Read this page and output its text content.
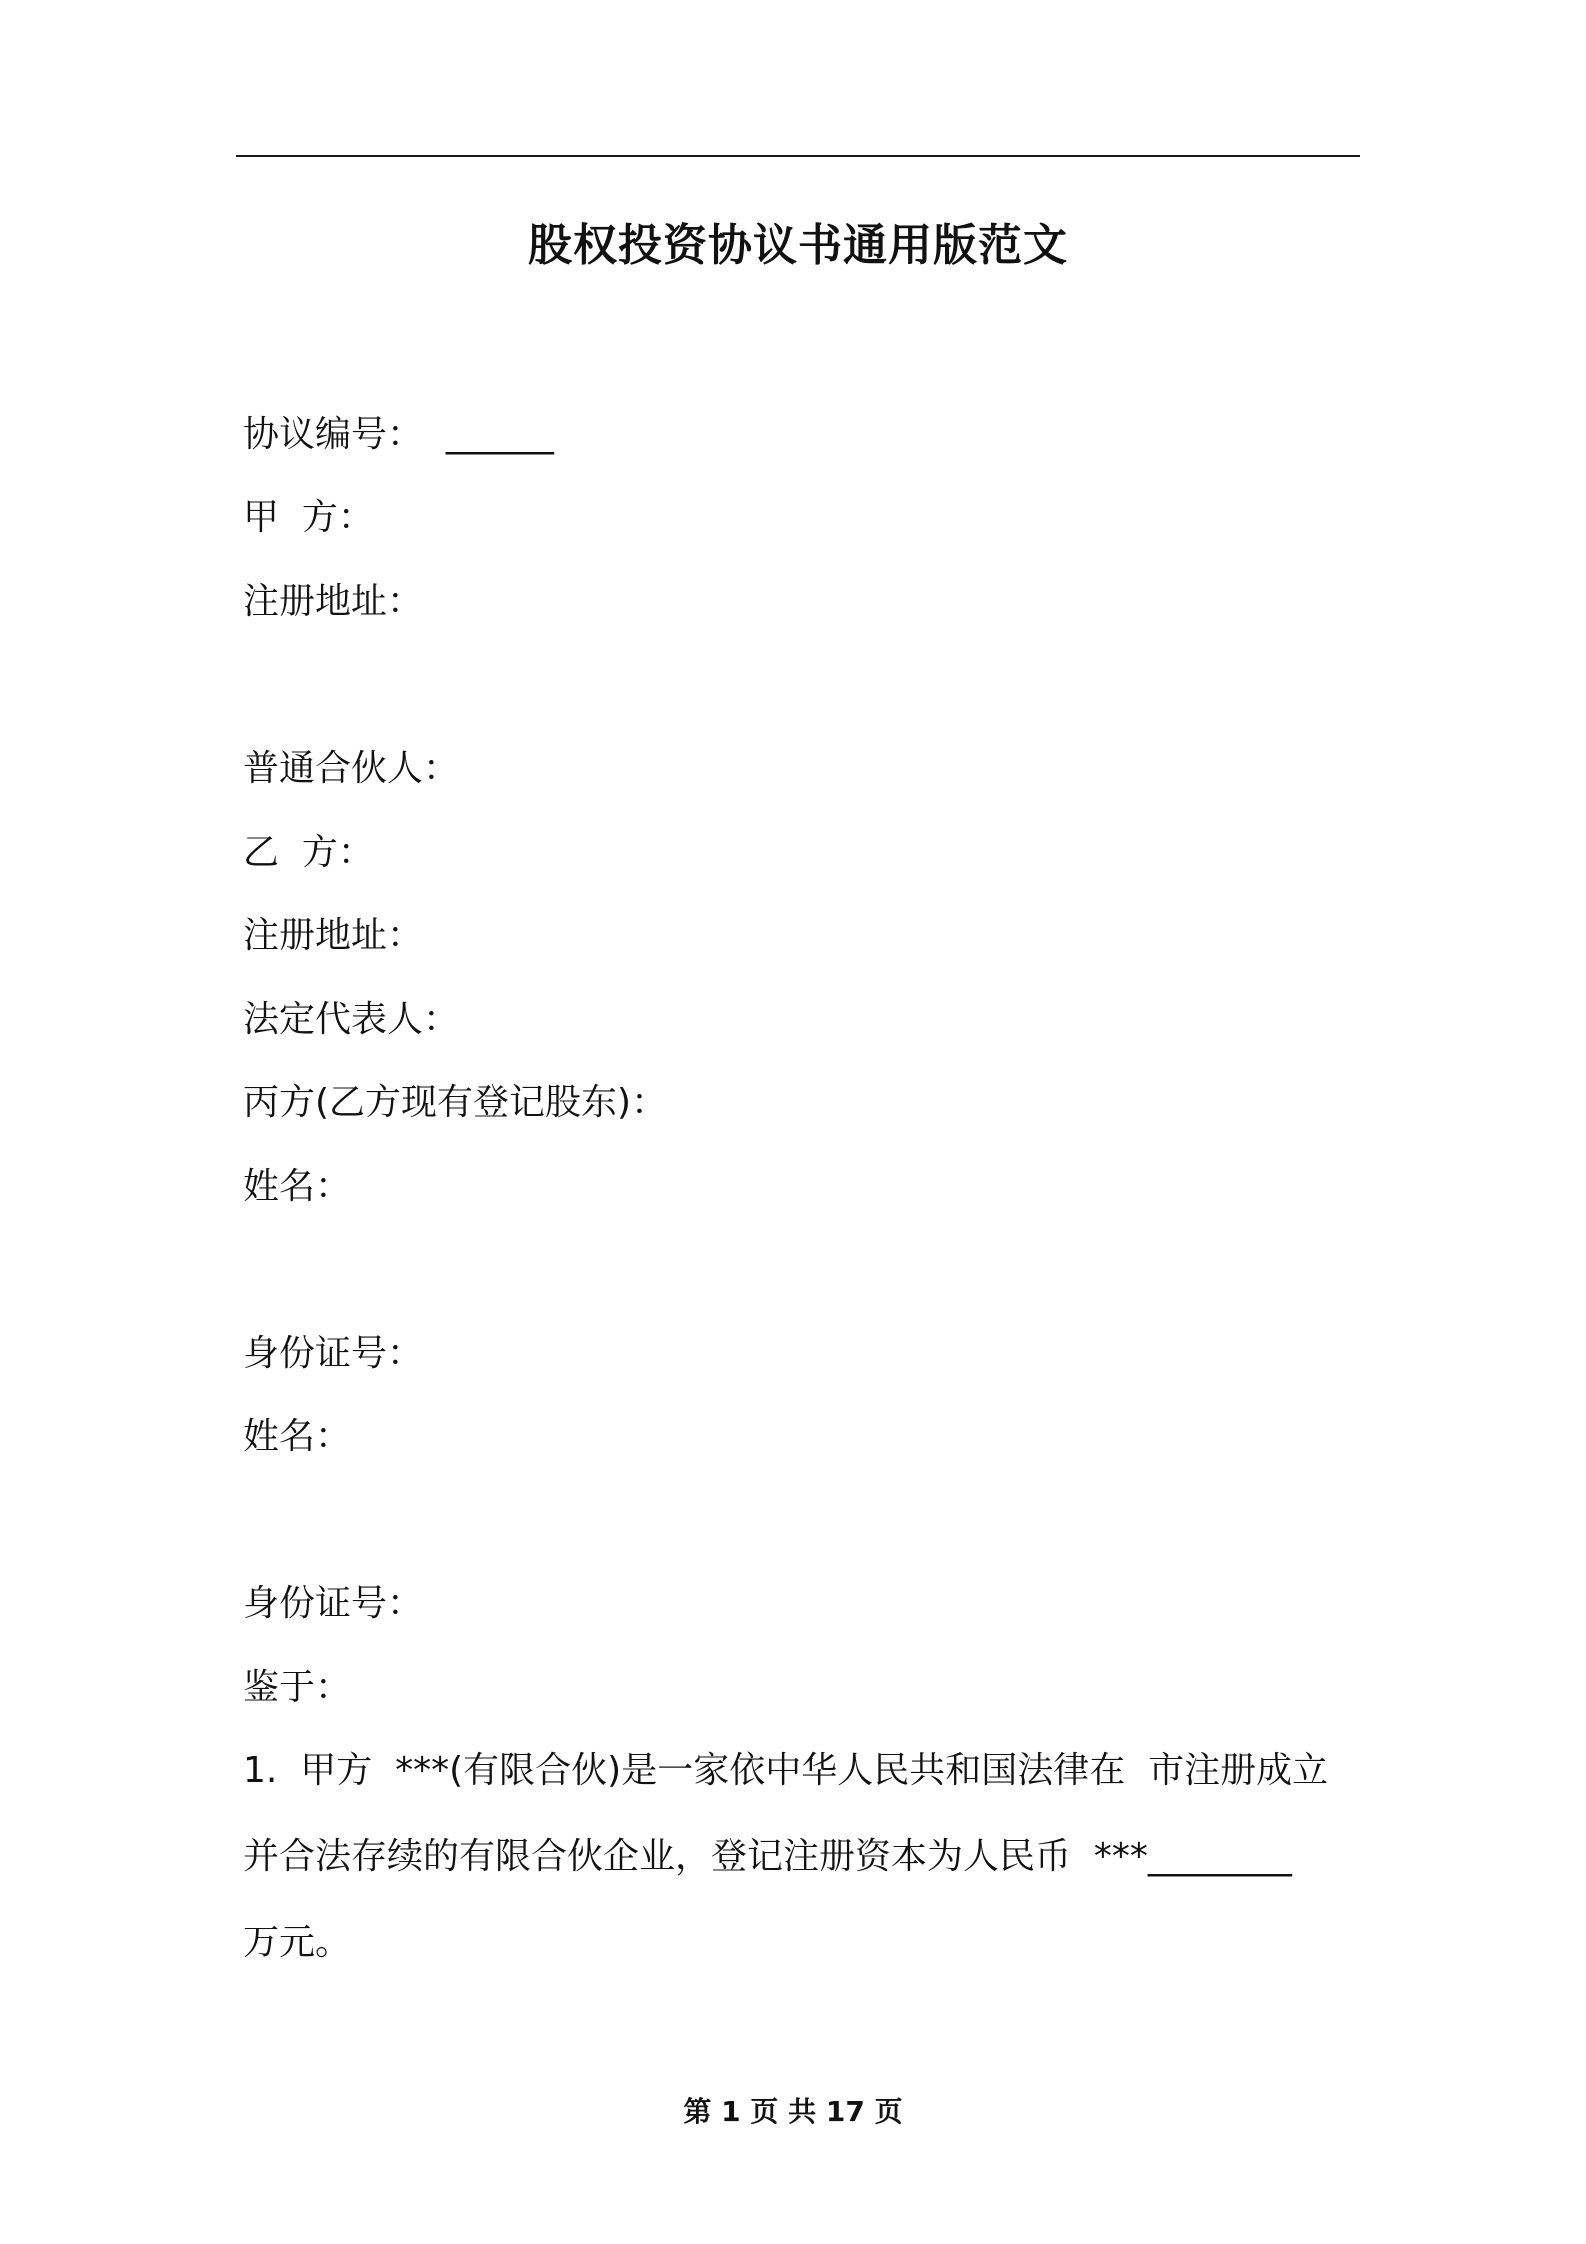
股权投资协议书通用版范文
协议编号：  ______
甲  方：
注册地址：
普通合伙人：
乙  方：
注册地址：
法定代表人：
丙方(乙方现有登记股东)：
姓名：
身份证号：
姓名：
身份证号：
鉴于：
1.  甲方  ***(有限合伙)是一家依中华人民共和国法律在  市注册成立
并合法存续的有限合伙企业，登记注册资本为人民币  ***________
万元。
第 1 页 共 17 页
